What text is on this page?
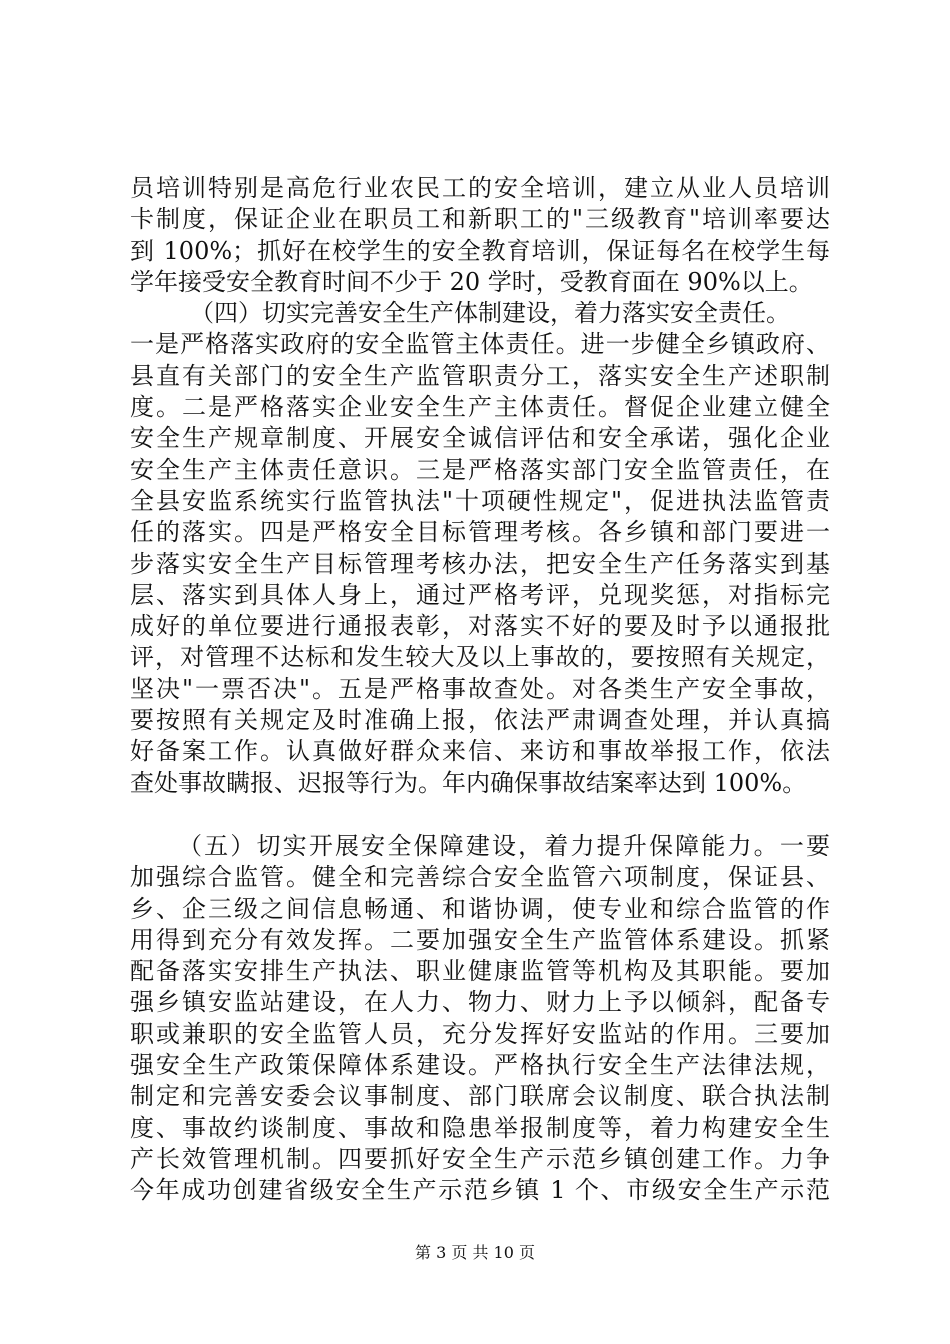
员培训特别是高危行业农民工的安全培训，建立从业人员培训
卡制度，保证企业在职员工和新职工的"三级教育"培训率要达
到 100%；抓好在校学生的安全教育培训，保证每名在校学生每
学年接受安全教育时间不少于 20 学时，受教育面在 90%以上。
（四）切实完善安全生产体制建设，着力落实安全责任。
一是严格落实政府的安全监管主体责任。进一步健全乡镇政府、
县直有关部门的安全生产监管职责分工，落实安全生产述职制
度。二是严格落实企业安全生产主体责任。督促企业建立健全
安全生产规章制度、开展安全诚信评估和安全承诺，强化企业
安全生产主体责任意识。三是严格落实部门安全监管责任，在
全县安监系统实行监管执法"十项硬性规定"，促进执法监管责
任的落实。四是严格安全目标管理考核。各乡镇和部门要进一
步落实安全生产目标管理考核办法，把安全生产任务落实到基
层、落实到具体人身上，通过严格考评，兑现奖惩，对指标完
成好的单位要进行通报表彰，对落实不好的要及时予以通报批
评，对管理不达标和发生较大及以上事故的，要按照有关规定，
坚决"一票否决"。五是严格事故查处。对各类生产安全事故，
要按照有关规定及时准确上报，依法严肃调查处理，并认真搞
好备案工作。认真做好群众来信、来访和事故举报工作，依法
查处事故瞒报、迟报等行为。年内确保事故结案率达到 100%。
（五）切实开展安全保障建设，着力提升保障能力。一要
加强综合监管。健全和完善综合安全监管六项制度，保证县、
乡、企三级之间信息畅通、和谐协调，使专业和综合监管的作
用得到充分有效发挥。二要加强安全生产监管体系建设。抓紧
配备落实安排生产执法、职业健康监管等机构及其职能。要加
强乡镇安监站建设，在人力、物力、财力上予以倾斜，配备专
职或兼职的安全监管人员，充分发挥好安监站的作用。三要加
强安全生产政策保障体系建设。严格执行安全生产法律法规，
制定和完善安委会议事制度、部门联席会议制度、联合执法制
度、事故约谈制度、事故和隐患举报制度等，着力构建安全生
产长效管理机制。四要抓好安全生产示范乡镇创建工作。力争
今年成功创建省级安全生产示范乡镇 1 个、市级安全生产示范
第 3 页 共 10 页
